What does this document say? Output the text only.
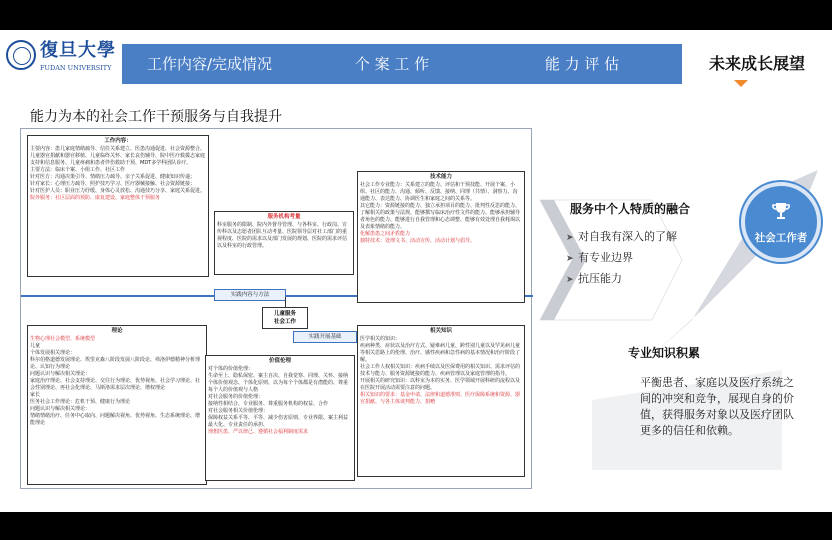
復旦大學
FUDAN UNIVERSITY	工作内容/完成情况	个 案 工 作	能 力 评 估	未来成长展望
能力为本的社会工作干预服务与自我提升
工作内容：
主要内容：患儿家庭情绪疏导、信任关系建立、医患沟通促进、社会资源整合、儿童器官捐献和器官移植、儿童临终关怀、家长哀伤辅导、院中医疗救援志家庭支持和信息服务、儿童疼痛和患者伴伤救助干预、MDT多学科团队诊疗。
主要方法：临床个案、小组工作、社区工作
针对医方：沟通决策引导、情绪压力疏导、亲子关系促进、健康知识传递；
针对家长：心理压力疏导、照护技巧学习、医疗器械接触、社会资源链接；
针对医护人员：职业压力纾缓、身体心灵放松、沟通技巧分享、家庭关系促进。
院外服务：社区层面的预防、康复建设、家庭整体干预服务
服务机构考量
科室服务的限制、院内外督导管理、与各科室、行政岗、宣传科以及志愿者团队互动考量、医院领导层对社工部门的重视程度、医院的需求以及部门发展的规划、医院的需求评估以及科室的行政管理。
实践内容与方法
儿童服务
社会工作
实践开展基础
技术能力
社会工作专业能力：关系建立的能力、评估和干预技能、开展个案、小组、社区的能力、沟通、倾听、反馈、接纳、同理（共情）、洞察力、沟通能力、表达能力、协调医生和家庭之间的关系等。
其它能力：资源链接的能力、独立承担项目的能力、批判性反思的能力、了解相关的政策与法规、能够撰写临床治疗性文件的能力、能够承担辅导者角色的能力、能够进行自我管理和心态调整、能够有效处理自我耗竭以及表象情绪的能力、
化解患患之间矛盾能力
独特技术：处理文书、活动宣传、活动计划与倡导。
理论
生物心理社会模型、系统模型
儿童
个体发展相关理论：
科尔伯格道德发展理论、埃里克森八阶段发展八阶段论、弗洛伊德精神分析理论、认知行为理论
问题认识与解决相关理论：
家庭治疗理论、社会支持理论、交往行为理论、优势视角、社会学习理论、社会性别理论、再社会化理论、马斯洛需求层次理论、增权理论
家长
医务社会工作理论：危机干预、健康行为理论
问题认识与解决相关理论：
情绪情绪治疗、任务中心取向、问题解决视角、优势视角、生态系统理论、增能理论
价值伦理
对个体的价值伦理：
生命至上、隐私保密、案主自决、自我觉察、同理、关怀、接纳个体价值观念、个体化原则、以为每个个体都是有潜能的、尊重每个人的价值观与人格
对社会服务的价值伦理：
接纳性相结合、专业服务、尊重服务机构的权益、合作
对社会服务相关价值伦理：
保障权益关系平等、平等、减少伤害原则、专业界限、案主利益最大化、专业责任的承担、
理想医患、严以律己、遵循社会福利制度需求
相关知识
医学相关的知识：
疾病种类、症状以及治疗方式、疑难病儿童、跨性别儿童以及罕见病儿童等相关思路上的伦理、治疗、感性疾病和急性病的基本情况和治疗阶段了解。
社会工作人权相关知识：疾病手续以及医保费用的相关知识、需求评估的技术与能力、服务资源链接的能力、疾病管理以及家庭管理的指导。
开展相关的研究知识：以科室为本的实务、医学领域开展科研的流程以及在医院开展活动需要注意的问题。
相关知识的要求：基金申请、法律和道德准则、医疗保障系统和资源、器官捐献、与各主体谈判能力、捐赠
服务中个人特质的融合
➤ 对自我有深入的了解
➤ 有专业边界
➤ 抗压能力
专业知识积累
平衡患者、家庭以及医疗系统之间的冲突和竞争，展现自身的价值，获得服务对象以及医疗团队更多的信任和依赖。
社会工作者
